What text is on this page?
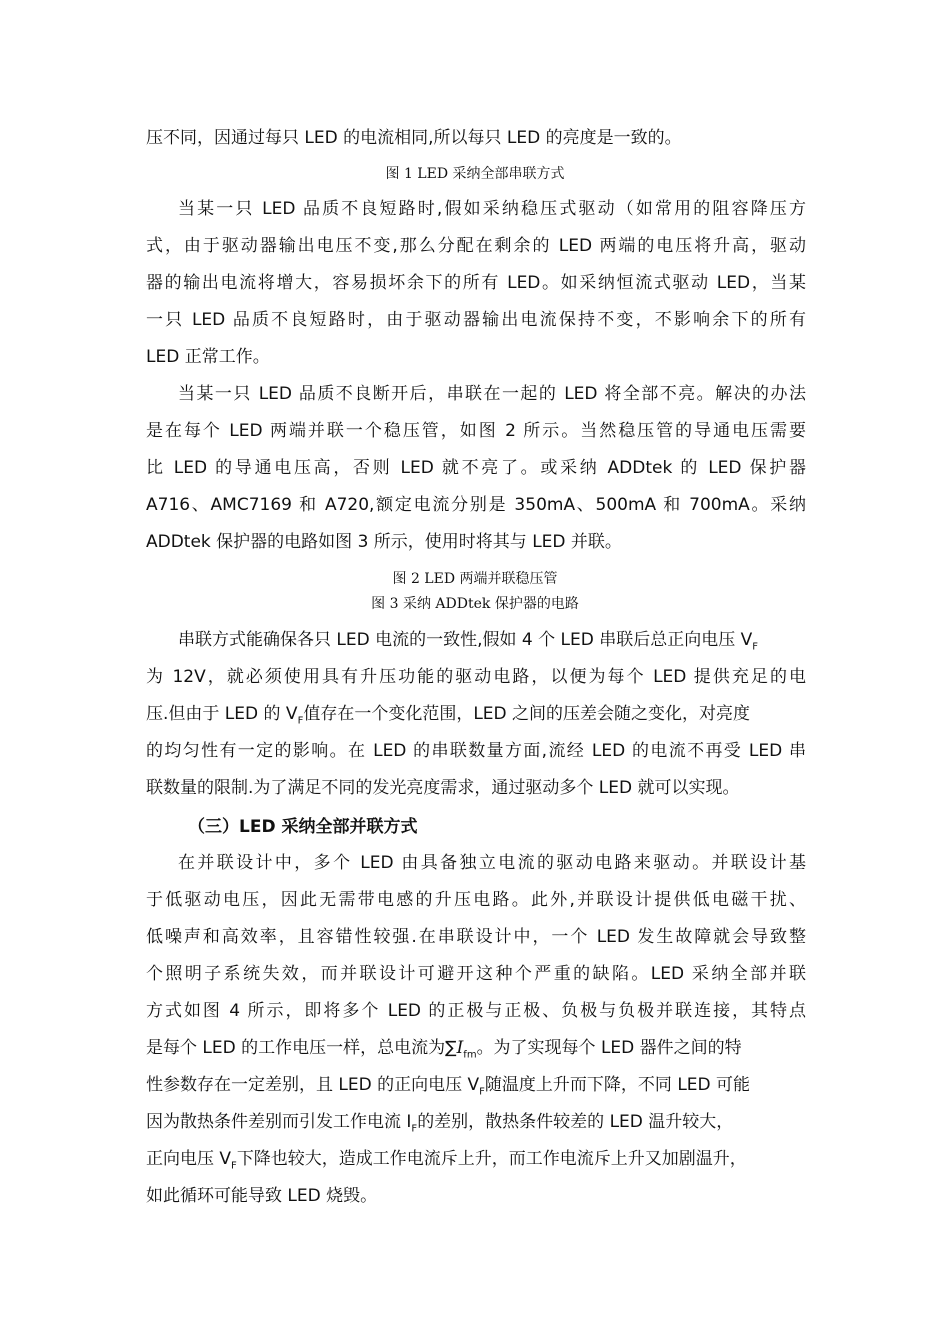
压不同，因通过每只 LED 的电流相同,所以每只 LED 的亮度是一致的。
图 1 LED 采纳全部串联方式
当某一只 LED 品质不良短路时,假如采纳稳压式驱动（如常用的阻容降压方
式，由于驱动器输出电压不变,那么分配在剩余的 LED 两端的电压将升高，驱动
器的输出电流将增大，容易损坏余下的所有 LED。如采纳恒流式驱动 LED，当某
一只 LED 品质不良短路时，由于驱动器输出电流保持不变，不影响余下的所有
LED 正常工作。
当某一只 LED 品质不良断开后，串联在一起的 LED 将全部不亮。解决的办法
是在每个 LED 两端并联一个稳压管，如图 2 所示。当然稳压管的导通电压需要
比 LED 的导通电压高，否则 LED 就不亮了。或采纳 ADDtek 的 LED 保护器
A716、AMC7169 和 A720,额定电流分别是 350mA、500mA 和 700mA。采纳
ADDtek 保护器的电路如图 3 所示，使用时将其与 LED 并联。
图 2 LED 两端并联稳压管
图 3 采纳 ADDtek 保护器的电路
串联方式能确保各只 LED 电流的一致性,假如 4 个 LED 串联后总正向电压 $V_F$
为 12V，就必须使用具有升压功能的驱动电路，以便为每个 LED 提供充足的电
压.但由于 LED 的 $V_F$值存在一个变化范围，LED 之间的压差会随之变化，对亮度
的均匀性有一定的影响。在 LED 的串联数量方面,流经 LED 的电流不再受 LED 串
联数量的限制.为了满足不同的发光亮度需求，通过驱动多个 LED 就可以实现。
（三）LED 采纳全部并联方式
在并联设计中，多个 LED 由具备独立电流的驱动电路来驱动。并联设计基
于低驱动电压，因此无需带电感的升压电路。此外,并联设计提供低电磁干扰、
低噪声和高效率，且容错性较强.在串联设计中，一个 LED 发生故障就会导致整
个照明子系统失效，而并联设计可避开这种个严重的缺陷。LED 采纳全部并联
方式如图 4 所示，即将多个 LED 的正极与正极、负极与负极并联连接，其特点
是每个 LED 的工作电压一样，总电流为$\sum I_{fm}$。为了实现每个 LED 器件之间的特
性参数存在一定差别，且 LED 的正向电压 $V_F$随温度上升而下降，不同 LED 可能
因为散热条件差别而引发工作电流 $I_F$的差别，散热条件较差的 LED 温升较大，
正向电压 $V_F$下降也较大，造成工作电流斥上升，而工作电流斥上升又加剧温升，
如此循环可能导致 LED 烧毁。
